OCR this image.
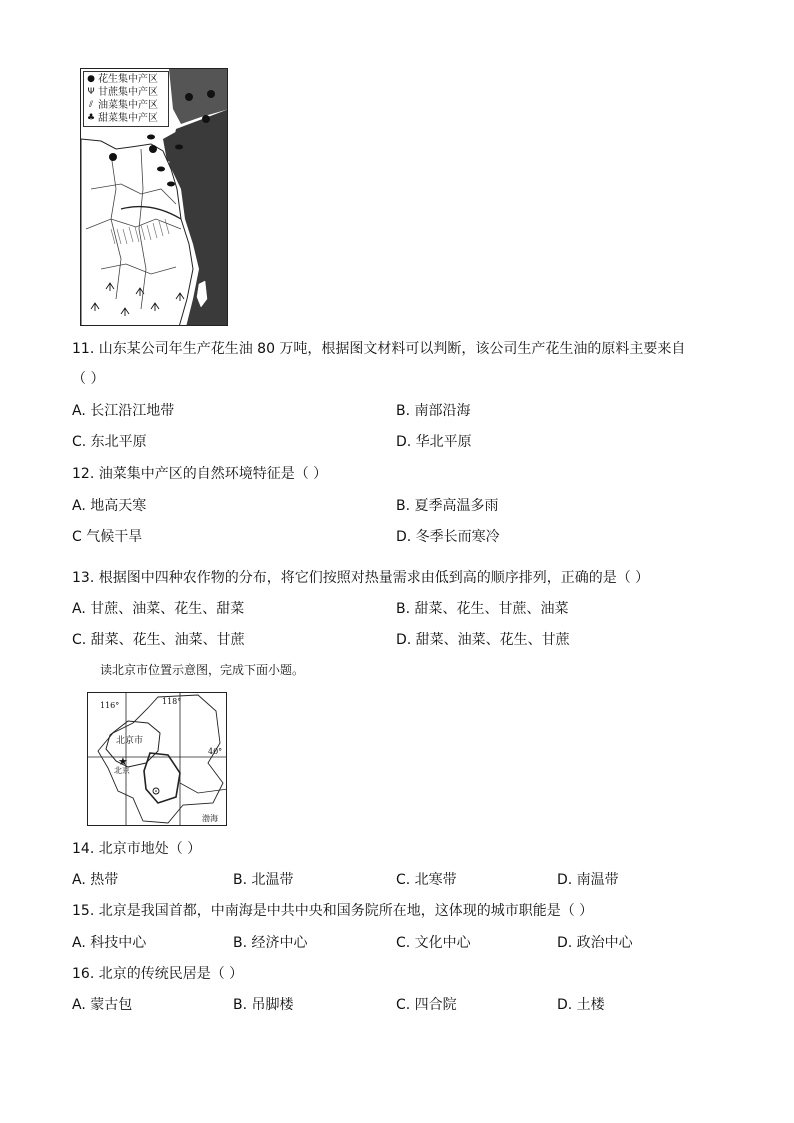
● 花生集中产区
Ψ 甘蔗集中产区
⫽ 油菜集中产区
♣ 甜菜集中产区
11. 山东某公司年生产花生油 80 万吨，根据图文材料可以判断，该公司生产花生油的原料主要来自
（ ）
A. 长江沿江地带	B. 南部沿海
C. 东北平原	D. 华北平原
12. 油菜集中产区的自然环境特征是（ ）
A. 地高天寒	B. 夏季高温多雨
C 气候干旱	D. 冬季长而寒冷
13. 根据图中四种农作物的分布，将它们按照对热量需求由低到高的顺序排列，正确的是（ ）
A. 甘蔗、油菜、花生、甜菜	B. 甜菜、花生、甘蔗、油菜
C. 甜菜、花生、油菜、甘蔗	D. 甜菜、油菜、花生、甘蔗
读北京市位置示意图，完成下面小题。
★
116°	118°
40°
北京市
北京
渤海
14. 北京市地处（ ）
A. 热带	B. 北温带	C. 北寒带	D. 南温带
15. 北京是我国首都，中南海是中共中央和国务院所在地，这体现的城市职能是（ ）
A. 科技中心	B. 经济中心	C. 文化中心	D. 政治中心
16. 北京的传统民居是（ ）
A. 蒙古包	B. 吊脚楼	C. 四合院	D. 土楼
